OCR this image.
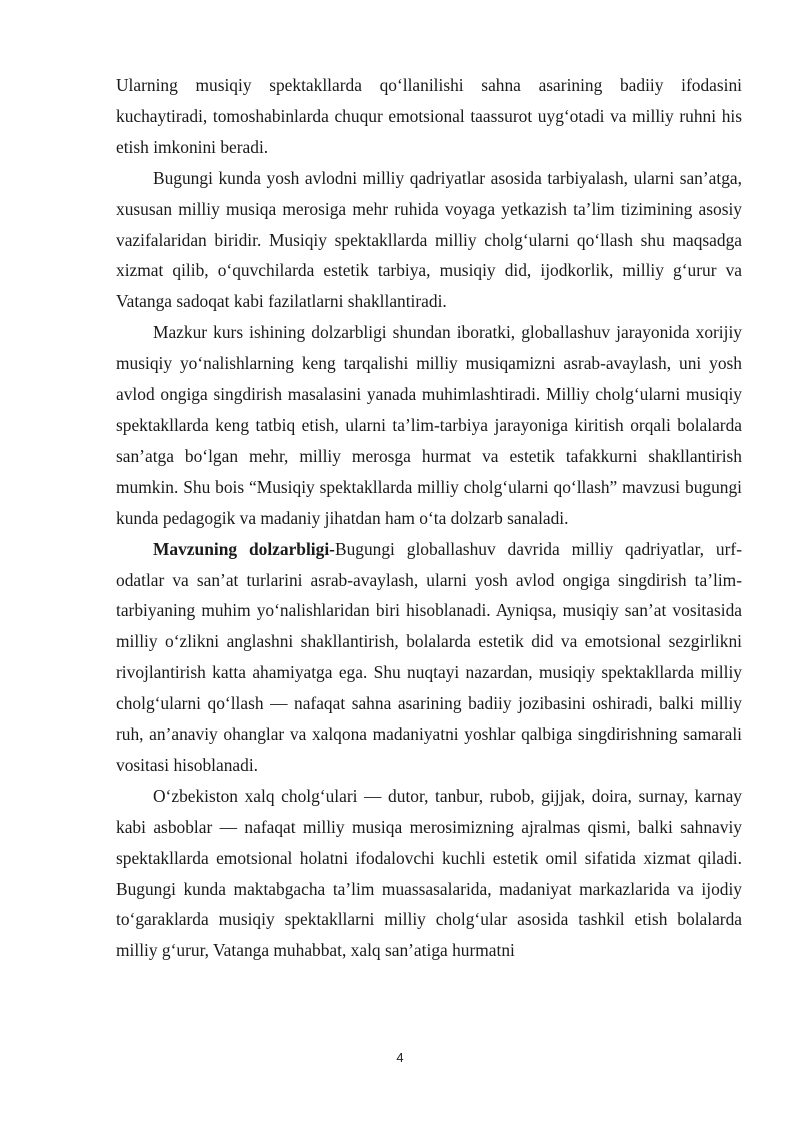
Ularning musiqiy spektakllarda qo‘llanilishi sahna asarining badiiy ifodasini kuchaytiradi, tomoshabinlarda chuqur emotsional taassurot uyg‘otadi va milliy ruhni his etish imkonini beradi.

Bugungi kunda yosh avlodni milliy qadriyatlar asosida tarbiyalash, ularni san’atga, xususan milliy musiqa merosiga mehr ruhida voyaga yetkazish ta’lim tizimining asosiy vazifalaridan biridir. Musiqiy spektakllarda milliy cholg‘ularni qo‘llash shu maqsadga xizmat qilib, o‘quvchilarda estetik tarbiya, musiqiy did, ijodkorlik, milliy g‘urur va Vatanga sadoqat kabi fazilatlarni shakllantiradi.

Mazkur kurs ishining dolzarbligi shundan iboratki, globallashuv jarayonida xorijiy musiqiy yo‘nalishlarning keng tarqalishi milliy musiqamizni asrab-avaylash, uni yosh avlod ongiga singdirish masalasini yanada muhimlashtiradi. Milliy cholg‘ularni musiqiy spektakllarda keng tatbiq etish, ularni ta’lim-tarbiya jarayoniga kiritish orqali bolalarda san’atga bo‘lgan mehr, milliy merosga hurmat va estetik tafakkurni shakllantirish mumkin. Shu bois “Musiqiy spektakllarda milliy cholg‘ularni qo‘llash” mavzusi bugungi kunda pedagogik va madaniy jihatdan ham o‘ta dolzarb sanaladi.

Mavzuning dolzarbligi-Bugungi globallashuv davrida milliy qadriyatlar, urf-odatlar va san’at turlarini asrab-avaylash, ularni yosh avlod ongiga singdirish ta’lim-tarbiyaning muhim yo‘nalishlaridan biri hisoblanadi. Ayniqsa, musiqiy san’at vositasida milliy o‘zlikni anglashni shakllantirish, bolalarda estetik did va emotsional sezgirlikni rivojlantirish katta ahamiyatga ega. Shu nuqtayi nazardan, musiqiy spektakllarda milliy cholg‘ularni qo‘llash — nafaqat sahna asarining badiiy jozibasini oshiradi, balki milliy ruh, an’anaviy ohanglar va xalqona madaniyatni yoshlar qalbiga singdirishning samarali vositasi hisoblanadi.

O‘zbekiston xalq cholg‘ulari — dutor, tanbur, rubob, gijjak, doira, surnay, karnay kabi asboblar — nafaqat milliy musiqa merosimizning ajralmas qismi, balki sahnaviy spektakllarda emotsional holatni ifodalovchi kuchli estetik omil sifatida xizmat qiladi. Bugungi kunda maktabgacha ta’lim muassasalarida, madaniyat markazlarida va ijodiy to‘garaklarda musiqiy spektakllarni milliy cholg‘ular asosida tashkil etish bolalarda milliy g‘urur, Vatanga muhabbat, xalq san’atiga hurmatni

4
